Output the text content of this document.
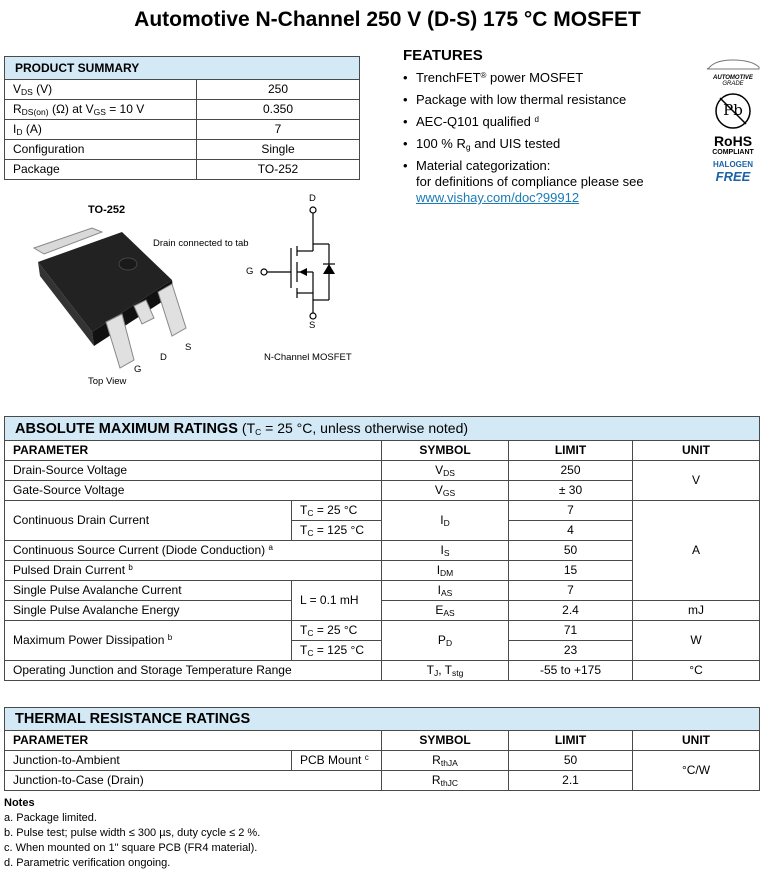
Automotive N-Channel 250 V (D-S) 175 °C MOSFET
PRODUCT SUMMARY	
$V_{DS}$ (V)	250
$R_{DS(on)}$ (Ω) at $V_{GS} = 10$ V	0.350
$I_D$ (A)	7
Configuration	Single
Package	TO-252
FEATURES
• TrenchFET® power MOSFET
• Package with low thermal resistance
• AEC-Q101 qualified $^d$
• 100 % $R_g$ and UIS tested
• Material categorization:
for definitions of compliance please see
www.vishay.com/doc?99912
AUTOMOTIVE
GRADE
Pb
RoHS
COMPLIANT
HALOGEN
FREE
TO-252
Drain connected to tab
S
D
G
Top View
D
G
S
N-Channel MOSFET
ABSOLUTE MAXIMUM RATINGS ($T_C = 25$ °C, unless otherwise noted)				
PARAMETER		SYMBOL	LIMIT	UNIT
Drain-Source Voltage		$V_{DS}$	250	V
Gate-Source Voltage		$V_{GS}$	± 30	
Continuous Drain Current	$T_C = 25$ °C	$I_D$	7	A
	$T_C = 125$ °C		4	
Continuous Source Current (Diode Conduction) $^a$		$I_S$	50	
Pulsed Drain Current $^b$		$I_{DM}$	15	
Single Pulse Avalanche Current	L = 0.1 mH	$I_{AS}$	7	
Single Pulse Avalanche Energy		$E_{AS}$	2.4	mJ
Maximum Power Dissipation $^b$	$T_C = 25$ °C	$P_D$	71	W
	$T_C = 125$ °C		23	
Operating Junction and Storage Temperature Range		$T_J$, $T_{stg}$	-55 to +175	°C
THERMAL RESISTANCE RATINGS				
PARAMETER		SYMBOL	LIMIT	UNIT
Junction-to-Ambient	PCB Mount $^c$	$R_{thJA}$	50	°C/W
Junction-to-Case (Drain)		$R_{thJC}$	2.1	
Notes
a. Package limited.
b. Pulse test; pulse width ≤ 300 µs, duty cycle ≤ 2 %.
c. When mounted on 1" square PCB (FR4 material).
d. Parametric verification ongoing.
